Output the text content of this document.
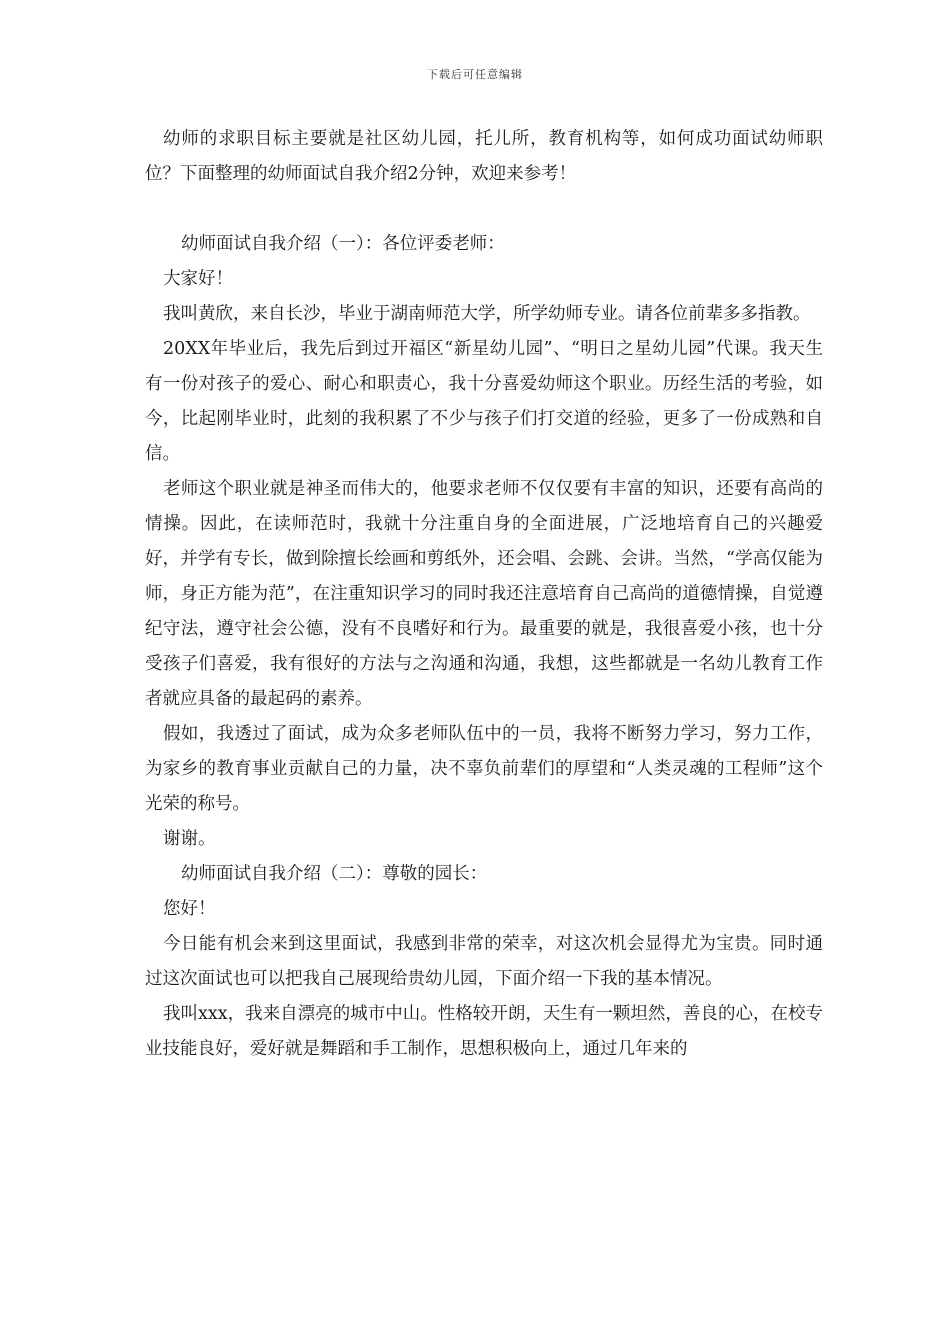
下载后可任意编辑

幼师的求职目标主要就是社区幼儿园，托儿所，教育机构等，如何成功面试幼师职位？下面整理的幼师面试自我介绍2分钟，欢迎来参考！

幼师面试自我介绍（一）：各位评委老师：

大家好！

我叫黄欣，来自长沙，毕业于湖南师范大学，所学幼师专业。请各位前辈多多指教。

20XX年毕业后，我先后到过开福区“新星幼儿园”、“明日之星幼儿园”代课。我天生有一份对孩子的爱心、耐心和职责心，我十分喜爱幼师这个职业。历经生活的考验，如今，比起刚毕业时，此刻的我积累了不少与孩子们打交道的经验，更多了一份成熟和自信。

老师这个职业就是神圣而伟大的，他要求老师不仅仅要有丰富的知识，还要有高尚的情操。因此，在读师范时，我就十分注重自身的全面进展，广泛地培育自己的兴趣爱好，并学有专长，做到除擅长绘画和剪纸外，还会唱、会跳、会讲。当然，“学高仅能为师，身正方能为范”，在注重知识学习的同时我还注意培育自己高尚的道德情操，自觉遵纪守法，遵守社会公德，没有不良嗜好和行为。最重要的就是，我很喜爱小孩，也十分受孩子们喜爱，我有很好的方法与之沟通和沟通，我想，这些都就是一名幼儿教育工作者就应具备的最起码的素养。

假如，我透过了面试，成为众多老师队伍中的一员，我将不断努力学习，努力工作，为家乡的教育事业贡献自己的力量，决不辜负前辈们的厚望和“人类灵魂的工程师”这个光荣的称号。

谢谢。

幼师面试自我介绍（二）：尊敬的园长：

您好！

今日能有机会来到这里面试，我感到非常的荣幸，对这次机会显得尤为宝贵。同时通过这次面试也可以把我自己展现给贵幼儿园，下面介绍一下我的基本情况。

我叫xxx，我来自漂亮的城市中山。性格较开朗，天生有一颗坦然，善良的心，在校专业技能良好，爱好就是舞蹈和手工制作，思想积极向上，通过几年来的
